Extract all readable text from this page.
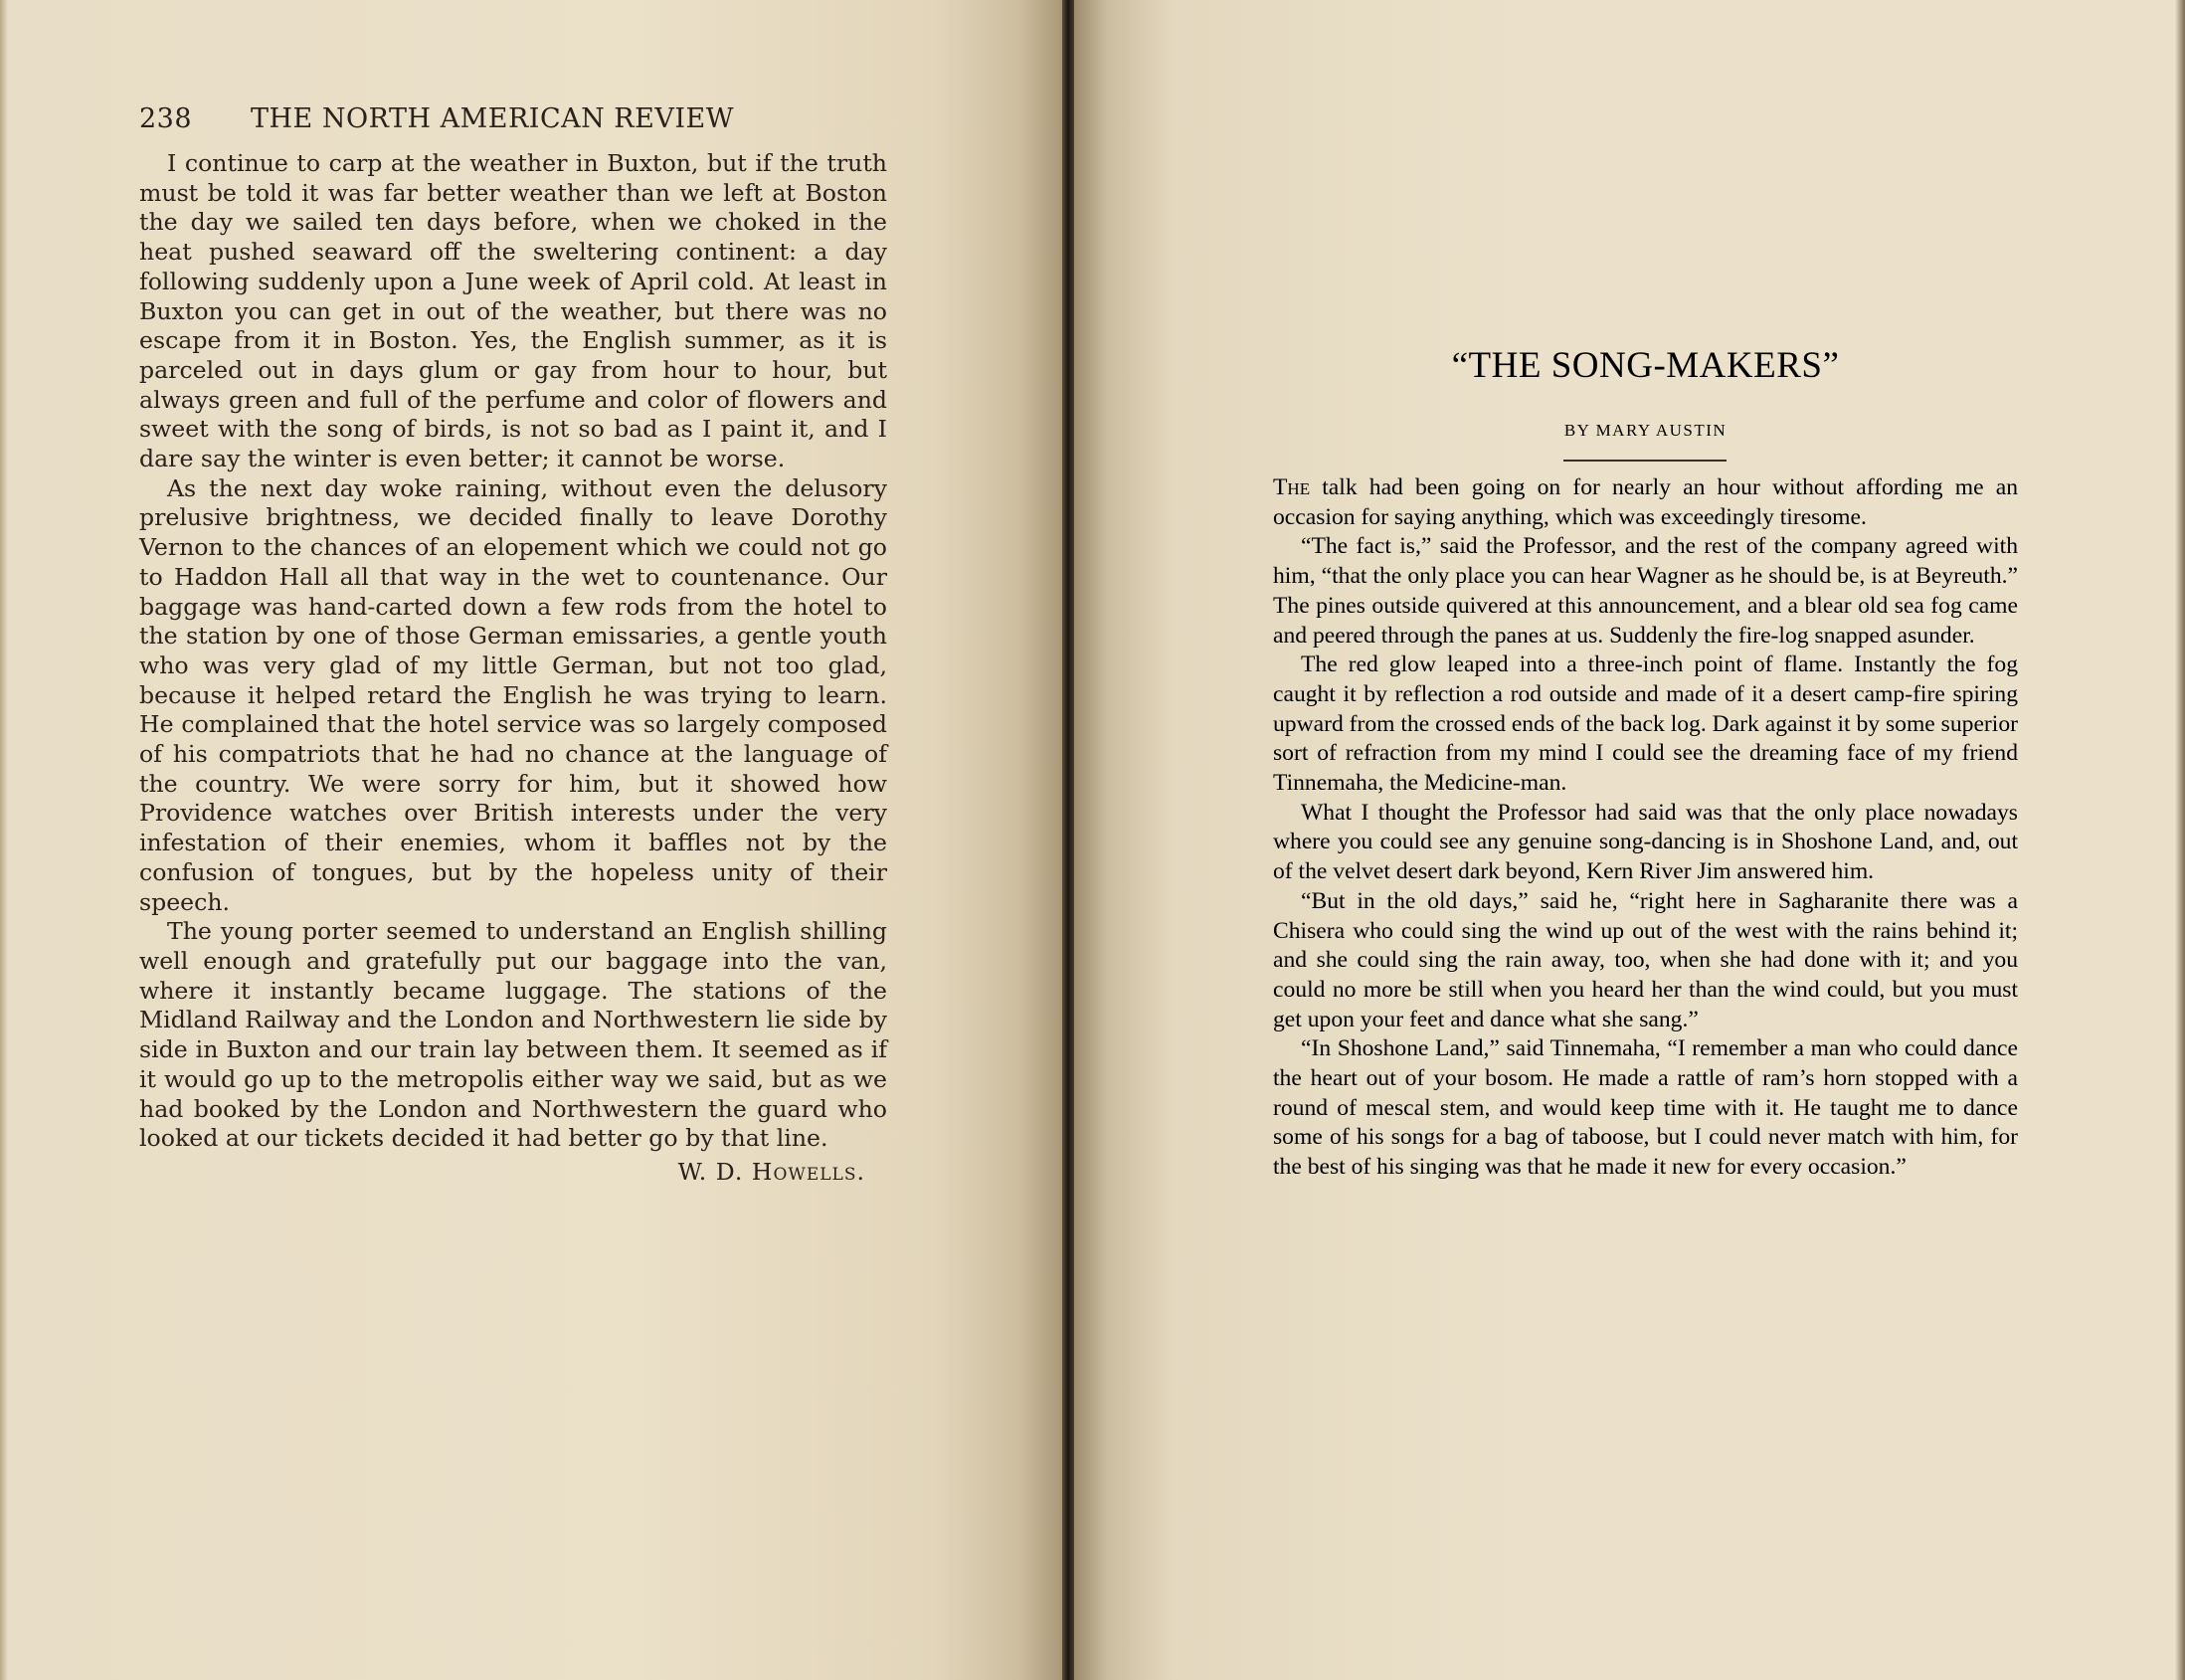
238 THE NORTH AMERICAN REVIEW

I continue to carp at the weather in Buxton, but if the truth must be told it was far better weather than we left at Boston the day we sailed ten days before, when we choked in the heat pushed seaward off the sweltering continent: a day following suddenly upon a June week of April cold. At least in Buxton you can get in out of the weather, but there was no escape from it in Boston. Yes, the English summer, as it is parceled out in days glum or gay from hour to hour, but always green and full of the perfume and color of flowers and sweet with the song of birds, is not so bad as I paint it, and I dare say the winter is even better; it cannot be worse.

As the next day woke raining, without even the delusory prelusive brightness, we decided finally to leave Dorothy Vernon to the chances of an elopement which we could not go to Haddon Hall all that way in the wet to countenance. Our baggage was hand-carted down a few rods from the hotel to the station by one of those German emissaries, a gentle youth who was very glad of my little German, but not too glad, because it helped retard the English he was trying to learn. He complained that the hotel service was so largely composed of his compatriots that he had no chance at the language of the country. We were sorry for him, but it showed how Providence watches over British interests under the very infestation of their enemies, whom it baffles not by the confusion of tongues, but by the hopeless unity of their speech.

The young porter seemed to understand an English shilling well enough and gratefully put our baggage into the van, where it instantly became luggage. The stations of the Midland Railway and the London and Northwestern lie side by side in Buxton and our train lay between them. It seemed as if it would go up to the metropolis either way we said, but as we had booked by the London and Northwestern the guard who looked at our tickets decided it had better go by that line.

W. D. Howells.
“THE SONG-MAKERS”
BY MARY AUSTIN

The talk had been going on for nearly an hour without affording me an occasion for saying anything, which was exceedingly tiresome.

“The fact is,” said the Professor, and the rest of the company agreed with him, “that the only place you can hear Wagner as he should be, is at Beyreuth.” The pines outside quivered at this announcement, and a blear old sea fog came and peered through the panes at us. Suddenly the fire-log snapped asunder.

The red glow leaped into a three-inch point of flame. Instantly the fog caught it by reflection a rod outside and made of it a desert camp-fire spiring upward from the crossed ends of the back log. Dark against it by some superior sort of refraction from my mind I could see the dreaming face of my friend Tinnemaha, the Medicine-man.

What I thought the Professor had said was that the only place nowadays where you could see any genuine song-dancing is in Shoshone Land, and, out of the velvet desert dark beyond, Kern River Jim answered him.

“But in the old days,” said he, “right here in Sagharanite there was a Chisera who could sing the wind up out of the west with the rains behind it; and she could sing the rain away, too, when she had done with it; and you could no more be still when you heard her than the wind could, but you must get upon your feet and dance what she sang.”

“In Shoshone Land,” said Tinnemaha, “I remember a man who could dance the heart out of your bosom. He made a rattle of ram’s horn stopped with a round of mescal stem, and would keep time with it. He taught me to dance some of his songs for a bag of taboose, but I could never match with him, for the best of his singing was that he made it new for every occasion.”
